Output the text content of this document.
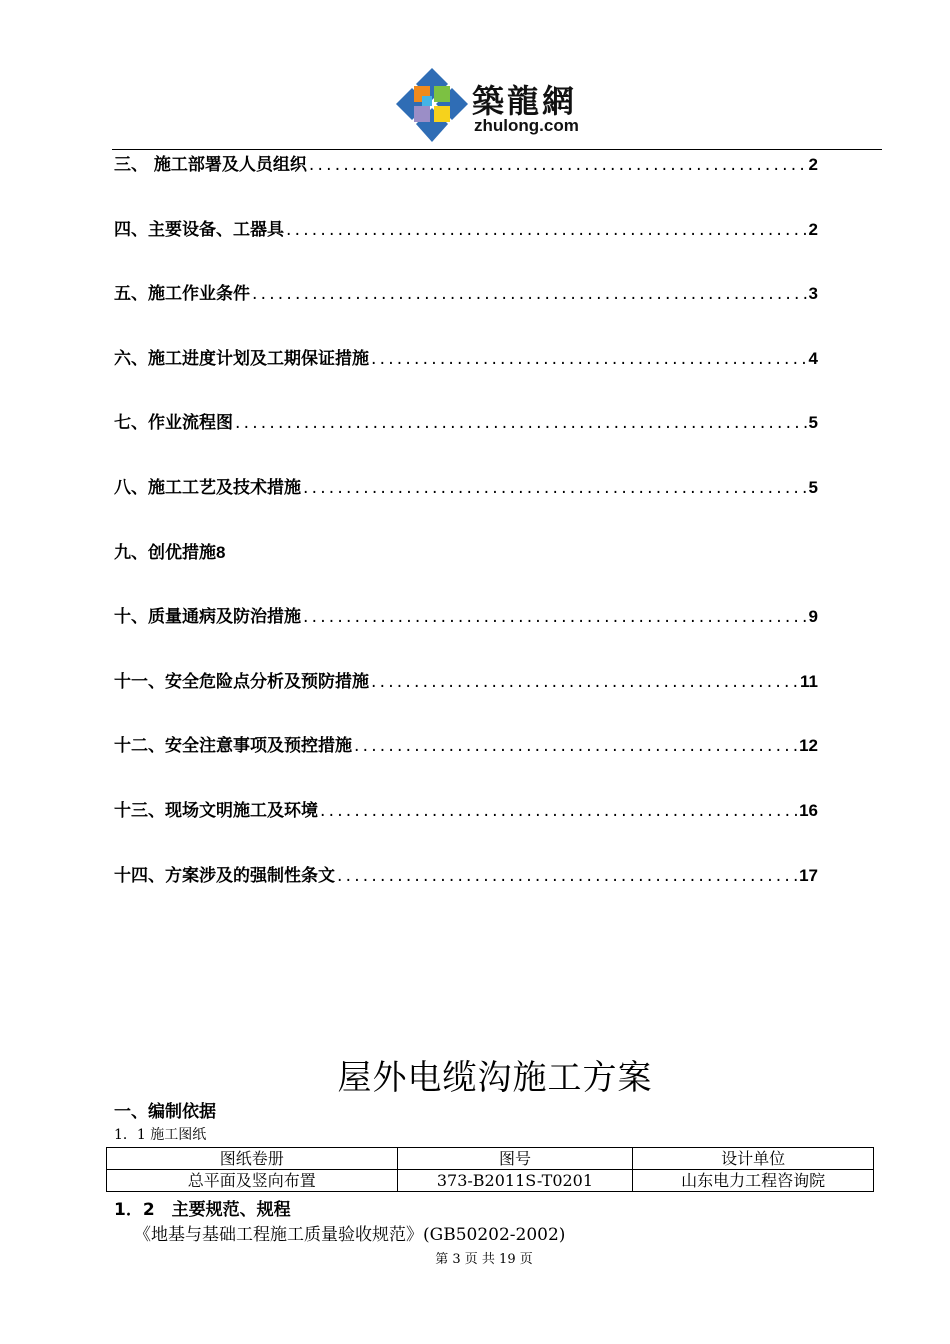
築龍網
zhulong.com
三、 施工部署及人员组织 .....	2
四、主要设备、工器具 .....	2
五、施工作业条件 .....	3
六、施工进度计划及工期保证措施 .....	4
七、作业流程图 .....	5
八、施工工艺及技术措施 .....	5
九、创优措施 8
十、质量通病及防治措施 .....	9
十一、安全危险点分析及预防措施 .....	11
十二、安全注意事项及预控措施 .....	12
十三、现场文明施工及环境 .....	16
十四、方案涉及的强制性条文 .....	17
屋外电缆沟施工方案
一、编制依据
1．1 施工图纸
图纸卷册	图号	设计单位
总平面及竖向布置	373-B2011S-T0201	山东电力工程咨询院
1．2　主要规范、规程
《地基与基础工程施工质量验收规范》(GB50202-2002)
第 3 页 共 19 页
